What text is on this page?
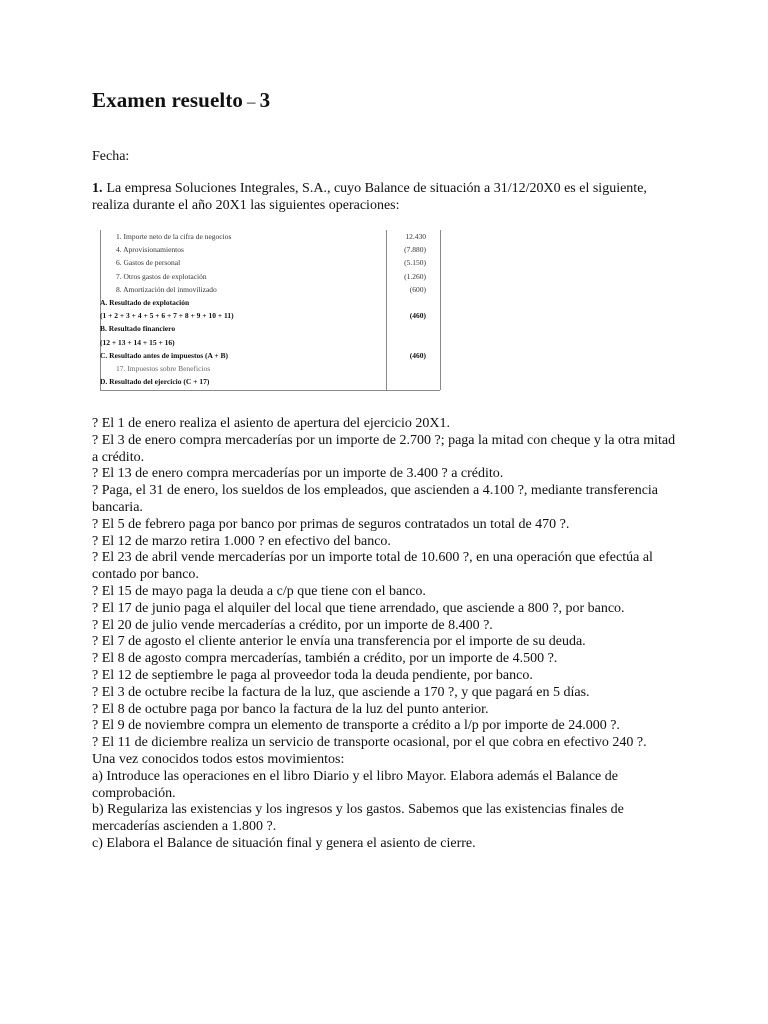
Examen resuelto – 3
Fecha:
1. La empresa Soluciones Integrales, S.A., cuyo Balance de situación a 31/12/20X0 es el siguiente, realiza durante el año 20X1 las siguientes operaciones:
1. Importe neto de la cifra de negocios	12.430
4. Aprovisionamientos	(7.880)
6. Gastos de personal	(5.150)
7. Otros gastos de explotación	(1.260)
8. Amortización del inmovilizado	(600)
A. Resultado de explotación
(1 + 2 + 3 + 4 + 5 + 6 + 7 + 8 + 9 + 10 + 11)	(460)
B. Resultado financiero
(12 + 13 + 14 + 15 + 16)
C. Resultado antes de impuestos (A + B)	(460)
17. Impuestos sobre Beneficios
D. Resultado del ejercicio (C + 17)

? El 1 de enero realiza el asiento de apertura del ejercicio 20X1.

? El 3 de enero compra mercaderías por un importe de 2.700 ?; paga la mitad con cheque y la otra mitad a crédito.

? El 13 de enero compra mercaderías por un importe de 3.400 ? a crédito.

? Paga, el 31 de enero, los sueldos de los empleados, que ascienden a 4.100 ?, mediante transferencia bancaria.

? El 5 de febrero paga por banco por primas de seguros contratados un total de 470 ?.

? El 12 de marzo retira 1.000 ? en efectivo del banco.

? El 23 de abril vende mercaderías por un importe total de 10.600 ?, en una operación que efectúa al contado por banco.

? El 15 de mayo paga la deuda a c/p que tiene con el banco.

? El 17 de junio paga el alquiler del local que tiene arrendado, que asciende a 800 ?, por banco.

? El 20 de julio vende mercaderías a crédito, por un importe de 8.400 ?.

? El 7 de agosto el cliente anterior le envía una transferencia por el importe de su deuda.

? El 8 de agosto compra mercaderías, también a crédito, por un importe de 4.500 ?.

? El 12 de septiembre le paga al proveedor toda la deuda pendiente, por banco.

? El 3 de octubre recibe la factura de la luz, que asciende a 170 ?, y que pagará en 5 días.

? El 8 de octubre paga por banco la factura de la luz del punto anterior.

? El 9 de noviembre compra un elemento de transporte a crédito a l/p por importe de 24.000 ?.

? El 11 de diciembre realiza un servicio de transporte ocasional, por el que cobra en efectivo 240 ?.

Una vez conocidos todos estos movimientos:

a) Introduce las operaciones en el libro Diario y el libro Mayor. Elabora además el Balance de comprobación.

b) Regulariza las existencias y los ingresos y los gastos. Sabemos que las existencias finales de mercaderías ascienden a 1.800 ?.

c) Elabora el Balance de situación final y genera el asiento de cierre.
